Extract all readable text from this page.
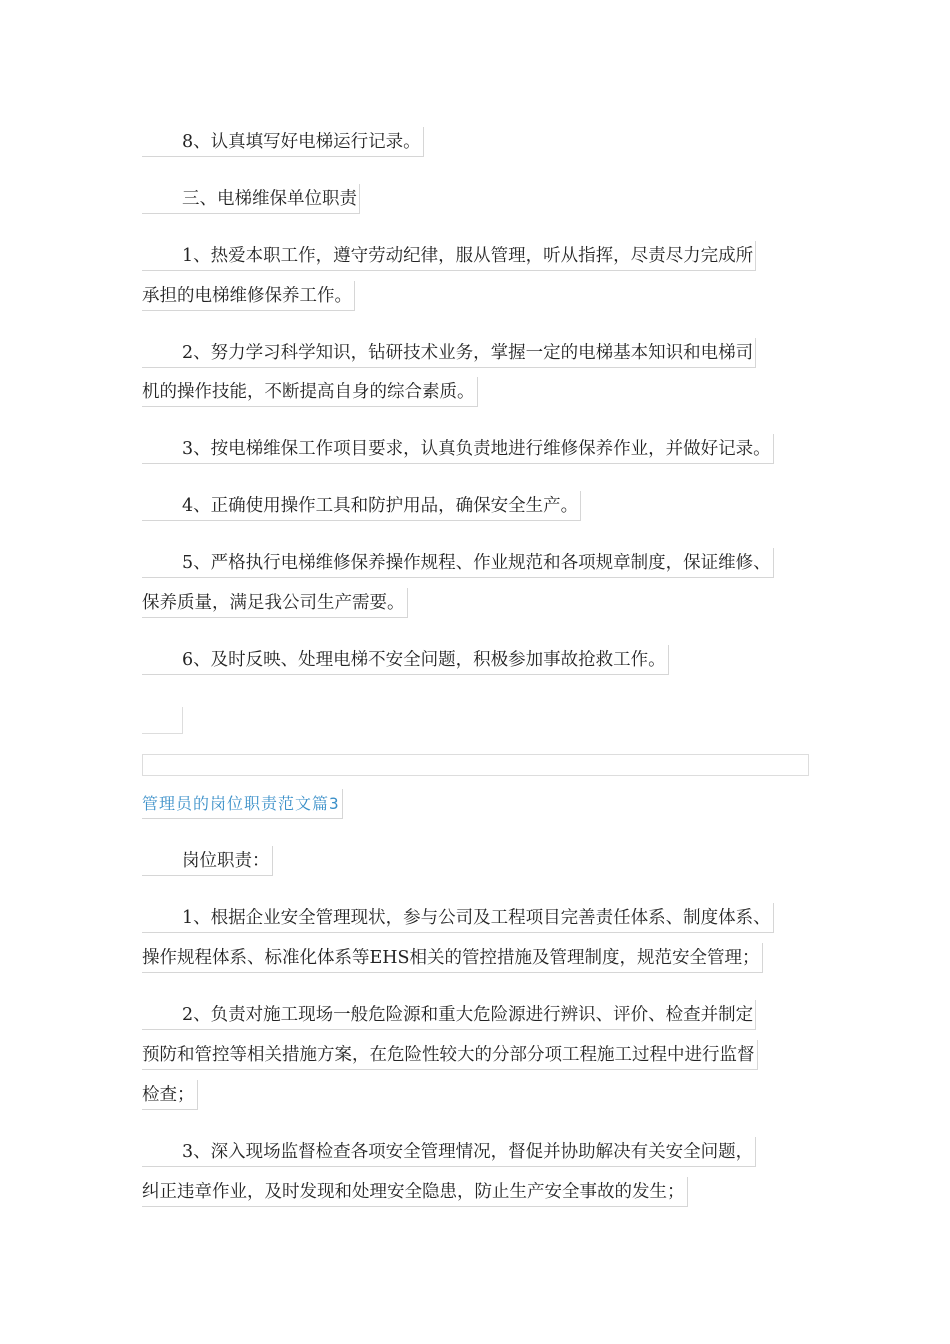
8、认真填写好电梯运行记录。
三、电梯维保单位职责
1、热爱本职工作，遵守劳动纪律，服从管理，听从指挥，尽责尽力完成所
承担的电梯维修保养工作。
2、努力学习科学知识，钻研技术业务，掌握一定的电梯基本知识和电梯司
机的操作技能，不断提高自身的综合素质。
3、按电梯维保工作项目要求，认真负责地进行维修保养作业，并做好记录。
4、正确使用操作工具和防护用品，确保安全生产。
5、严格执行电梯维修保养操作规程、作业规范和各项规章制度，保证维修、
保养质量，满足我公司生产需要。
6、及时反映、处理电梯不安全问题，积极参加事故抢救工作。
管理员的岗位职责范文篇3
岗位职责：
1、根据企业安全管理现状，参与公司及工程项目完善责任体系、制度体系、
操作规程体系、标准化体系等EHS相关的管控措施及管理制度，规范安全管理；
2、负责对施工现场一般危险源和重大危险源进行辨识、评价、检查并制定
预防和管控等相关措施方案，在危险性较大的分部分项工程施工过程中进行监督
检查；
3、深入现场监督检查各项安全管理情况，督促并协助解决有关安全问题，
纠正违章作业，及时发现和处理安全隐患，防止生产安全事故的发生；
